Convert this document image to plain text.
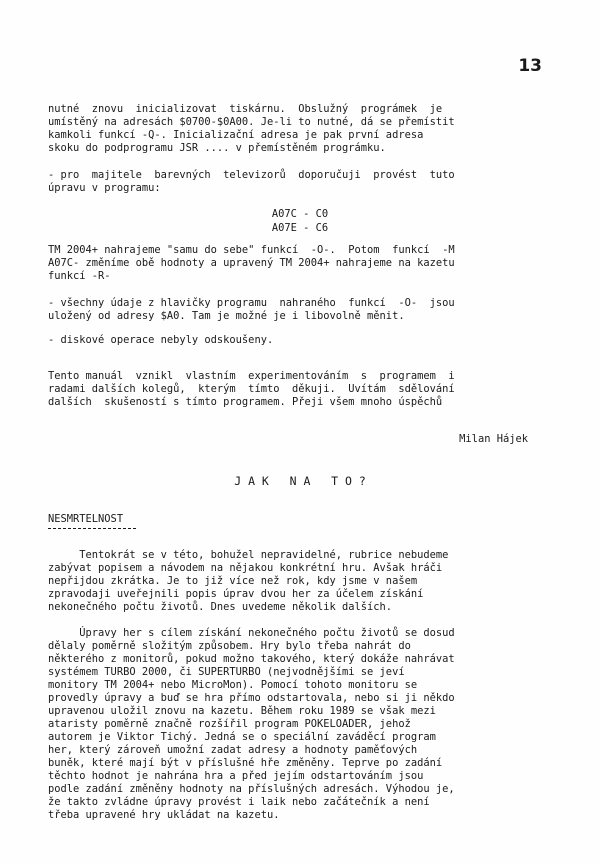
13
nutné  znovu  inicializovat  tiskárnu.  Obslužný  prográmek  je
umístěný na adresách $0700-$0A00. Je-li to nutné, dá se přemístit
kamkoli funkcí -Q-. Inicializační adresa je pak první adresa
skoku do podprogramu JSR .... v přemístěném prográmku.
- pro  majitele  barevných  televizorů  doporučuji  provést  tuto
úpravu v programu:
A07C - C0
A07E - C6
TM 2004+ nahrajeme "samu do sebe" funkcí  -O-.  Potom  funkcí  -M
A07C- změníme obě hodnoty a upravený TM 2004+ nahrajeme na kazetu
funkcí -R-
- všechny údaje z hlavičky programu  nahraného  funkcí  -O-  jsou
uložený od adresy $A0. Tam je možné je i libovolně měnit.
- diskové operace nebyly odskoušeny.
Tento manuál  vznikl  vlastním  experimentováním  s  programem  i
radami dalších kolegů,  kterým  tímto  děkuji.  Uvítám  sdělování
dalších  skušeností s tímto programem. Přeji všem mnoho úspěchů
Milan Hájek
J A K   N A   T O ?
NESMRTELNOST
Tentokrát se v této, bohužel nepravidelné, rubrice nebudeme
zabývat popisem a návodem na nějakou konkrétní hru. Avšak hráči
nepřijdou zkrátka. Je to již více než rok, kdy jsme v našem
zpravodaji uveřejnili popis úprav dvou her za účelem získání
nekonečného počtu životů. Dnes uvedeme několik dalších.
Úpravy her s cílem získání nekonečného počtu životů se dosud
dělaly poměrně složitým způsobem. Hry bylo třeba nahrát do
některého z monitorů, pokud možno takového, který dokáže nahrávat
systémem TURBO 2000, či SUPERTURBO (nejvodnějšími se jeví
monitory TM 2004+ nebo MicroMon). Pomocí tohoto monitoru se
provedly úpravy a buď se hra přímo odstartovala, nebo si ji někdo
upravenou uložil znovu na kazetu. Během roku 1989 se však mezi
ataristy poměrně značně rozšířil program POKELOADER, jehož
autorem je Viktor Tichý. Jedná se o speciální zaváděcí program
her, který zároveň umožní zadat adresy a hodnoty paměťových
buněk, které mají být v příslušné hře změněny. Teprve po zadání
těchto hodnot je nahrána hra a před jejím odstartováním jsou
podle zadání změněny hodnoty na příslušných adresách. Výhodou je,
že takto zvládne úpravy provést i laik nebo začátečník a není
třeba upravené hry ukládat na kazetu.
